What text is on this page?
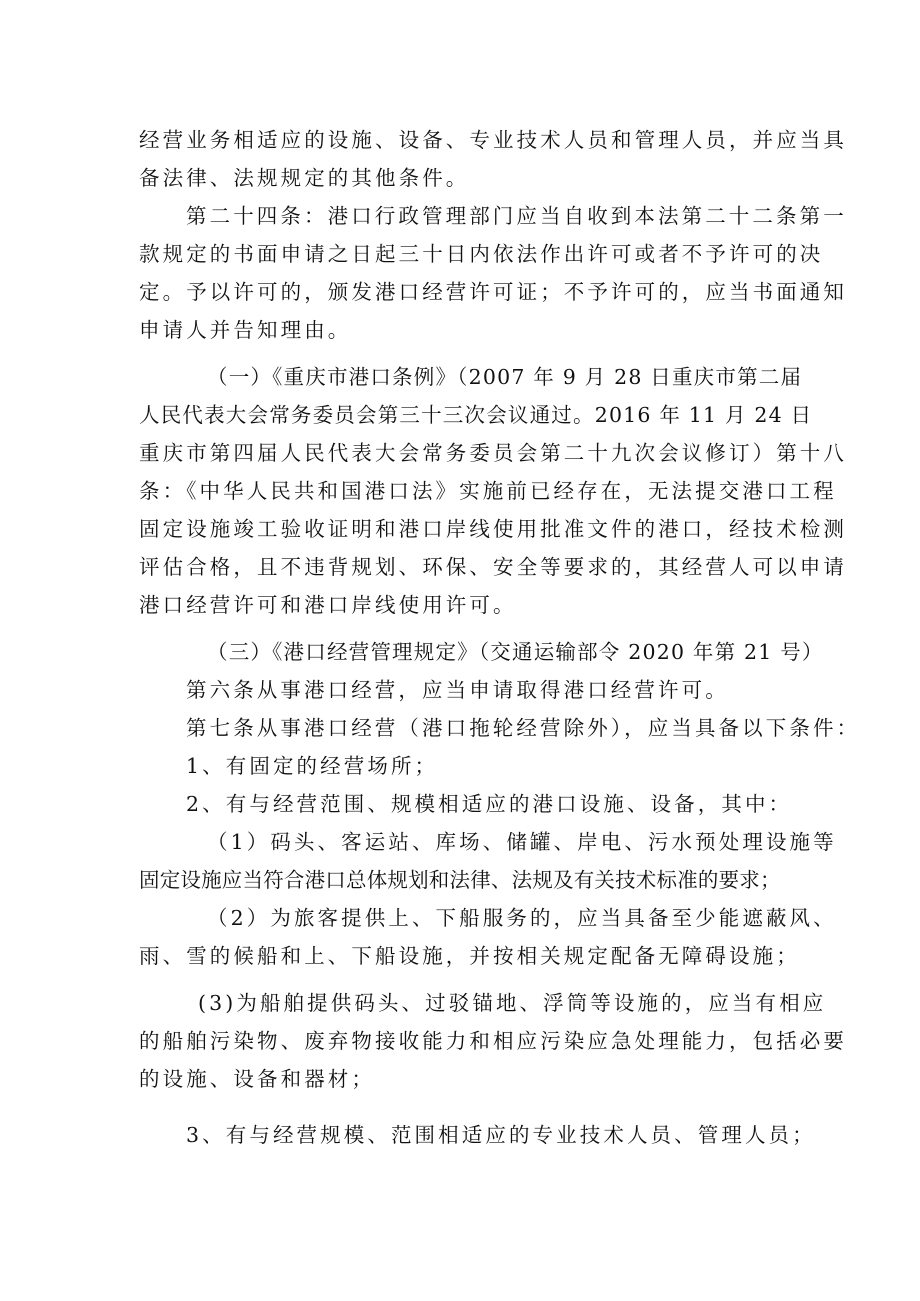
经营业务相适应的设施、设备、专业技术人员和管理人员，并应当具
备法律、法规规定的其他条件。
第二十四条：港口行政管理部门应当自收到本法第二十二条第一
款规定的书面申请之日起三十日内依法作出许可或者不予许可的决
定。予以许可的，颁发港口经营许可证；不予许可的，应当书面通知
申请人并告知理由。
（一）《重庆市港口条例》（2007 年 9 月 28 日重庆市第二届
人民代表大会常务委员会第三十三次会议通过。2016 年 11 月 24 日
重庆市第四届人民代表大会常务委员会第二十九次会议修订）第十八
条：《中华人民共和国港口法》实施前已经存在，无法提交港口工程
固定设施竣工验收证明和港口岸线使用批准文件的港口，经技术检测
评估合格，且不违背规划、环保、安全等要求的，其经营人可以申请
港口经营许可和港口岸线使用许可。
（三）《港口经营管理规定》（交通运输部令 2020 年第 21 号）
第六条从事港口经营，应当申请取得港口经营许可。
第七条从事港口经营（港口拖轮经营除外），应当具备以下条件：
1、有固定的经营场所；
2、有与经营范围、规模相适应的港口设施、设备，其中：
（1）码头、客运站、库场、储罐、岸电、污水预处理设施等
固定设施应当符合港口总体规划和法律、法规及有关技术标准的要求；
（2）为旅客提供上、下船服务的，应当具备至少能遮蔽风、
雨、雪的候船和上、下船设施，并按相关规定配备无障碍设施；
(3)为船舶提供码头、过驳锚地、浮筒等设施的，应当有相应
的船舶污染物、废弃物接收能力和相应污染应急处理能力，包括必要
的设施、设备和器材；
3、有与经营规模、范围相适应的专业技术人员、管理人员；
